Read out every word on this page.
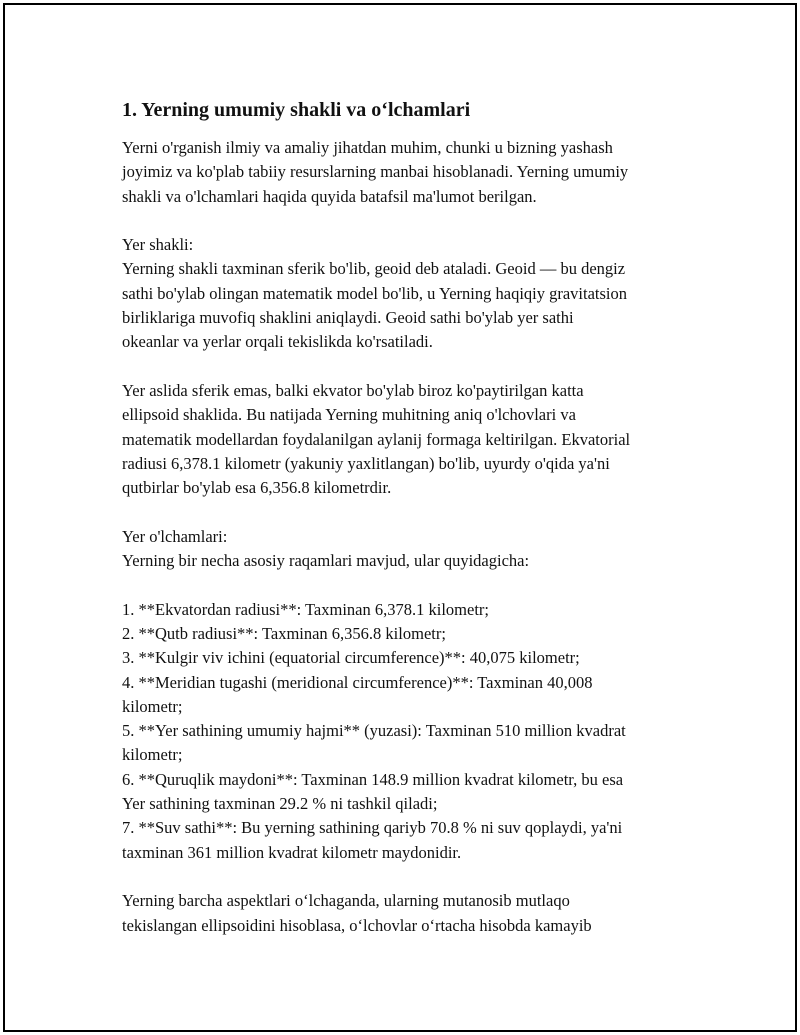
1. Yerning umumiy shakli va o‘lchamlari
Yerni o'rganish ilmiy va amaliy jihatdan muhim, chunki u bizning yashash
joyimiz va ko'plab tabiiy resurslarning manbai hisoblanadi. Yerning umumiy
shakli va o'lchamlari haqida quyida batafsil ma'lumot berilgan.
Yer shakli:
Yerning shakli taxminan sferik bo'lib, geoid deb ataladi. Geoid — bu dengiz
sathi bo'ylab olingan matematik model bo'lib, u Yerning haqiqiy gravitatsion
birliklariga muvofiq shaklini aniqlaydi. Geoid sathi bo'ylab yer sathi
okeanlar va yerlar orqali tekislikda ko'rsatiladi.
Yer aslida sferik emas, balki ekvator bo'ylab biroz ko'paytirilgan katta
ellipsoid shaklida. Bu natijada Yerning muhitning aniq o'lchovlari va
matematik modellardan foydalanilgan aylanij formaga keltirilgan. Ekvatorial
radiusi 6,378.1 kilometr (yakuniy yaxlitlangan) bo'lib, uyurdy o'qida ya'ni
qutbirlar bo'ylab esa 6,356.8 kilometrdir.
Yer o'lchamlari:
Yerning bir necha asosiy raqamlari mavjud, ular quyidagicha:
1. **Ekvatordan radiusi**: Taxminan 6,378.1 kilometr;
2. **Qutb radiusi**: Taxminan 6,356.8 kilometr;
3. **Kulgir viv ichini (equatorial circumference)**: 40,075 kilometr;
4. **Meridian tugashi (meridional circumference)**: Taxminan 40,008
kilometr;
5. **Yer sathining umumiy hajmi** (yuzasi): Taxminan 510 million kvadrat
kilometr;
6. **Quruqlik maydoni**: Taxminan 148.9 million kvadrat kilometr, bu esa
Yer sathining taxminan 29.2 % ni tashkil qiladi;
7. **Suv sathi**: Bu yerning sathining qariyb 70.8 % ni suv qoplaydi, ya'ni
taxminan 361 million kvadrat kilometr maydonidir.
Yerning barcha aspektlari o‘lchaganda, ularning mutanosib mutlaqo
tekislangan ellipsoidini hisoblasa, o‘lchovlar o‘rtacha hisobda kamayib
